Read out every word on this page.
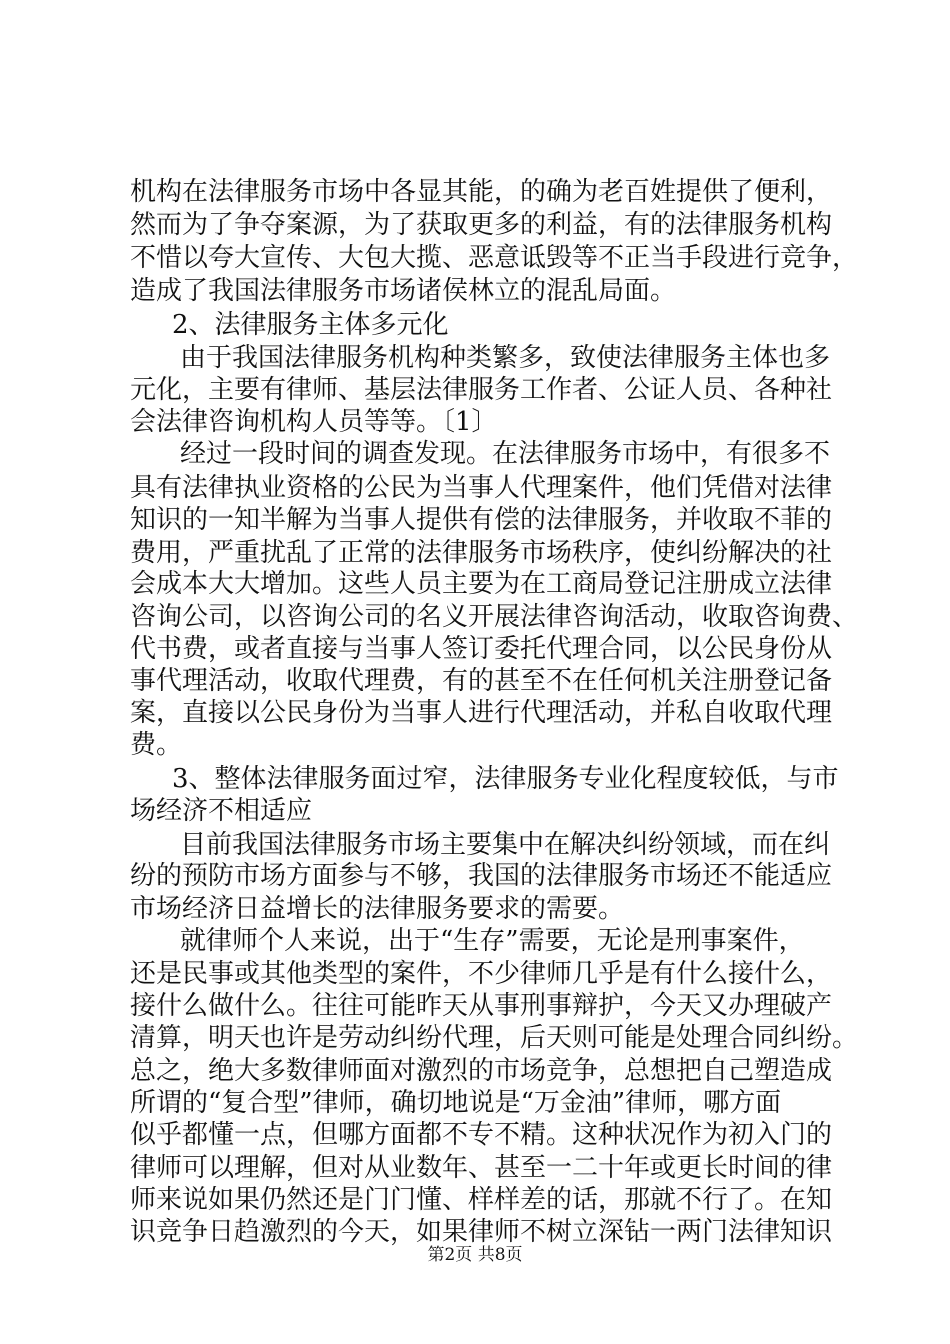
机构在法律服务市场中各显其能，的确为老百姓提供了便利，
然而为了争夺案源，为了获取更多的利益，有的法律服务机构
不惜以夸大宣传、大包大揽、恶意诋毁等不正当手段进行竞争，
造成了我国法律服务市场诸侯林立的混乱局面。
2、法律服务主体多元化
由于我国法律服务机构种类繁多，致使法律服务主体也多
元化，主要有律师、基层法律服务工作者、公证人员、各种社
会法律咨询机构人员等等。〔1〕
经过一段时间的调查发现。在法律服务市场中，有很多不
具有法律执业资格的公民为当事人代理案件，他们凭借对法律
知识的一知半解为当事人提供有偿的法律服务，并收取不菲的
费用，严重扰乱了正常的法律服务市场秩序，使纠纷解决的社
会成本大大增加。这些人员主要为在工商局登记注册成立法律
咨询公司，以咨询公司的名义开展法律咨询活动，收取咨询费、
代书费，或者直接与当事人签订委托代理合同，以公民身份从
事代理活动，收取代理费，有的甚至不在任何机关注册登记备
案，直接以公民身份为当事人进行代理活动，并私自收取代理
费。
3、整体法律服务面过窄，法律服务专业化程度较低，与市
场经济不相适应
目前我国法律服务市场主要集中在解决纠纷领域，而在纠
纷的预防市场方面参与不够，我国的法律服务市场还不能适应
市场经济日益增长的法律服务要求的需要。
就律师个人来说，出于“生存”需要，无论是刑事案件，
还是民事或其他类型的案件，不少律师几乎是有什么接什么，
接什么做什么。往往可能昨天从事刑事辩护，今天又办理破产
清算，明天也许是劳动纠纷代理，后天则可能是处理合同纠纷。
总之，绝大多数律师面对激烈的市场竞争，总想把自己塑造成
所谓的“复合型”律师，确切地说是“万金油”律师，哪方面
似乎都懂一点，但哪方面都不专不精。这种状况作为初入门的
律师可以理解，但对从业数年、甚至一二十年或更长时间的律
师来说如果仍然还是门门懂、样样差的话，那就不行了。在知
识竞争日趋激烈的今天，如果律师不树立深钻一两门法律知识
第2页 共8页
